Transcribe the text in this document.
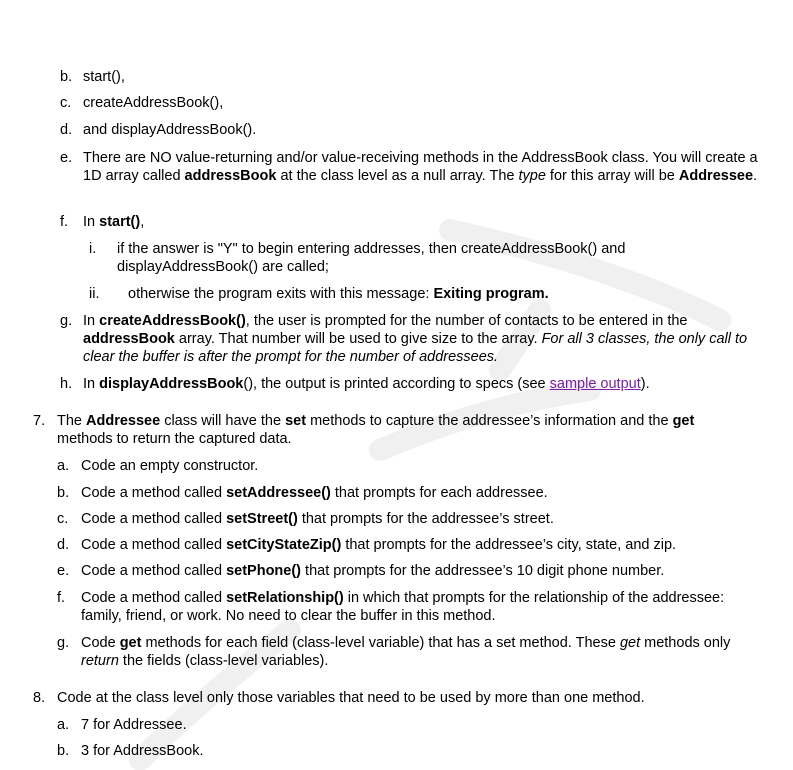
b. start(),
c. createAddressBook(),
d. and displayAddressBook().
e. There are NO value-returning and/or value-receiving methods in the AddressBook class. You will create a 1D array called addressBook at the class level as a null array. The type for this array will be Addressee.
f. In start(),
i. if the answer is "Y" to begin entering addresses, then createAddressBook() and displayAddressBook() are called;
ii. otherwise the program exits with this message: Exiting program.
g. In createAddressBook(), the user is prompted for the number of contacts to be entered in the addressBook array. That number will be used to give size to the array. For all 3 classes, the only call to clear the buffer is after the prompt for the number of addressees.
h. In displayAddressBook(), the output is printed according to specs (see sample output).
7. The Addressee class will have the set methods to capture the addressee’s information and the get methods to return the captured data.
a. Code an empty constructor.
b. Code a method called setAddressee() that prompts for each addressee.
c. Code a method called setStreet() that prompts for the addressee’s street.
d. Code a method called setCityStateZip() that prompts for the addressee’s city, state, and zip.
e. Code a method called setPhone() that prompts for the addressee’s 10 digit phone number.
f. Code a method called setRelationship() in which that prompts for the relationship of the addressee: family, friend, or work. No need to clear the buffer in this method.
g. Code get methods for each field (class-level variable) that has a set method. These get methods only return the fields (class-level variables).
8. Code at the class level only those variables that need to be used by more than one method.
a. 7 for Addressee.
b. 3 for AddressBook.
